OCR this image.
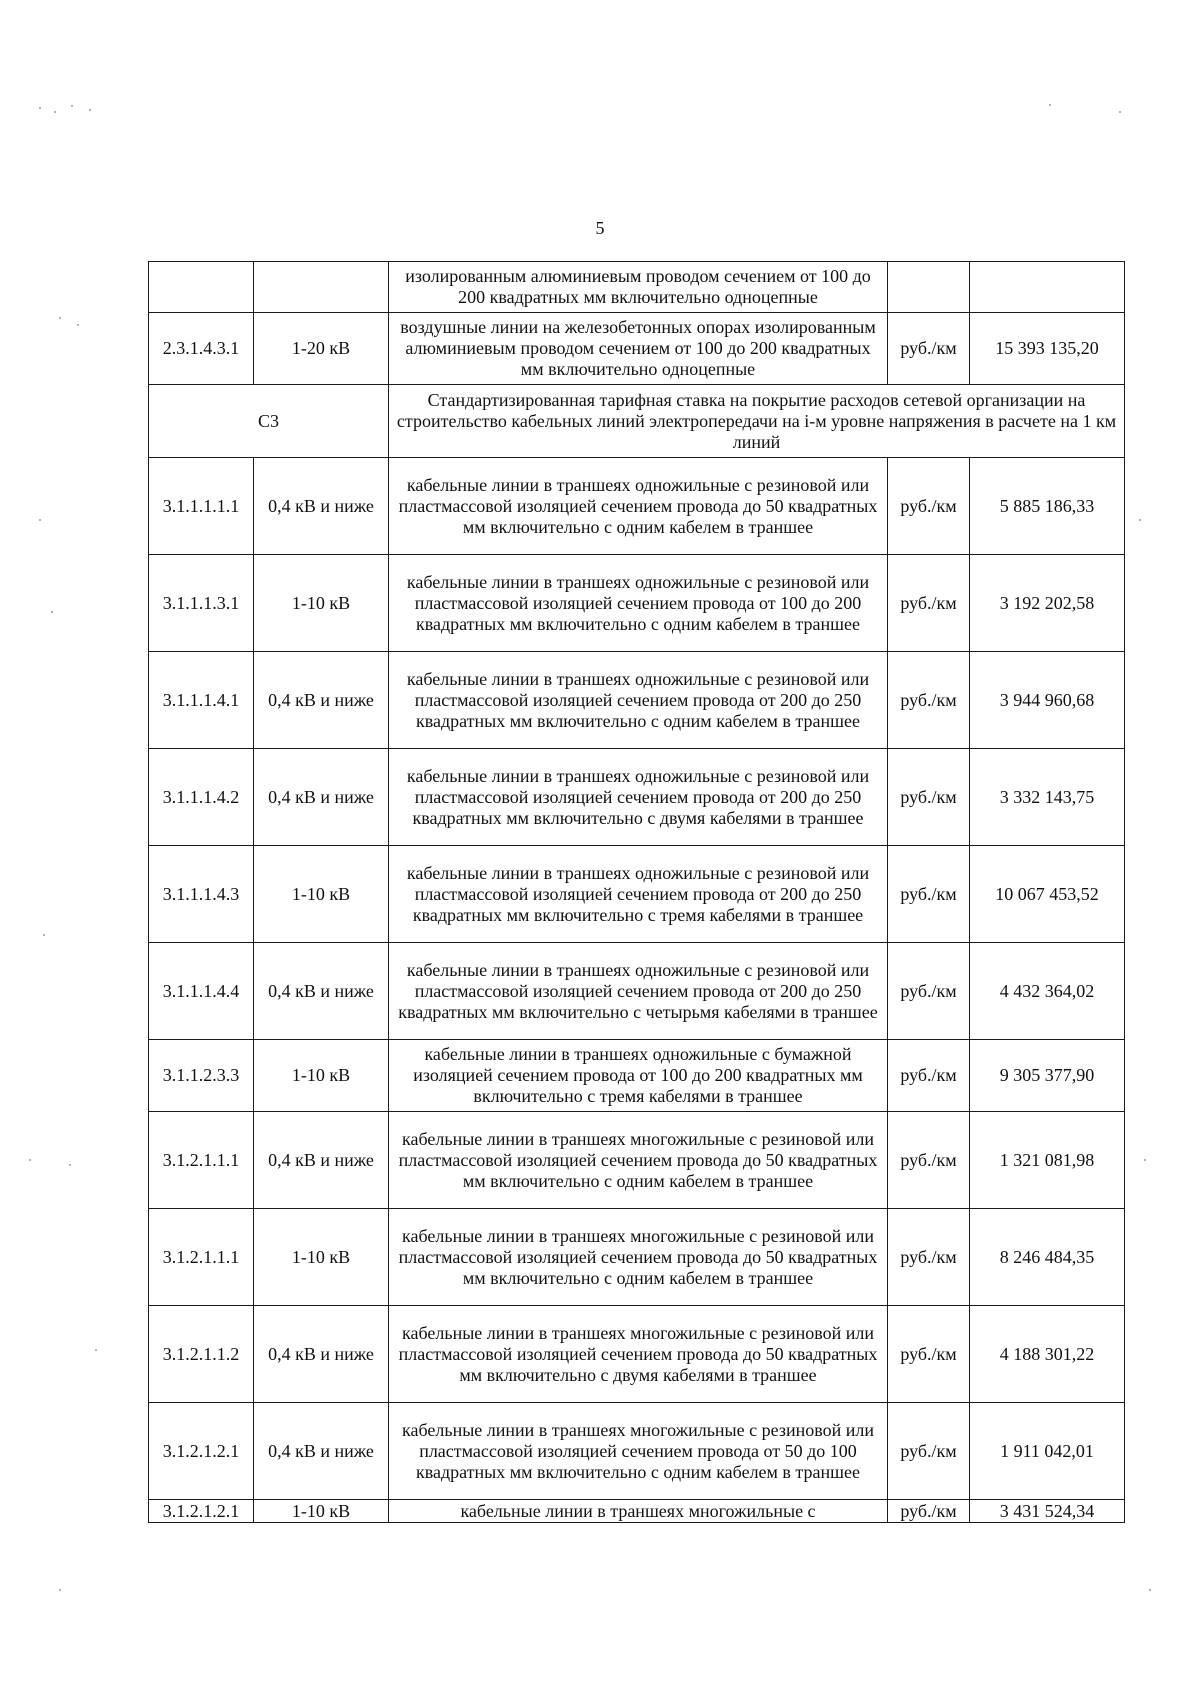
5
		изолированным алюминиевым проводом сечением от 100 до 200 квадратных мм включительно одноцепные		
2.3.1.4.3.1	1-20 кВ	воздушные линии на железобетонных опорах изолированным алюминиевым проводом сечением от 100 до 200 квадратных мм включительно одноцепные	руб./км	15 393 135,20
С3		Стандартизированная тарифная ставка на покрытие расходов сетевой организации на строительство кабельных линий электропередачи на i-м уровне напряжения в расчете на 1 км линий		
3.1.1.1.1.1	0,4 кВ и ниже	кабельные линии в траншеях одножильные с резиновой или пластмассовой изоляцией сечением провода до 50 квадратных мм включительно с одним кабелем в траншее	руб./км	5 885 186,33
3.1.1.1.3.1	1-10 кВ	кабельные линии в траншеях одножильные с резиновой или пластмассовой изоляцией сечением провода от 100 до 200 квадратных мм включительно с одним кабелем в траншее	руб./км	3 192 202,58
3.1.1.1.4.1	0,4 кВ и ниже	кабельные линии в траншеях одножильные с резиновой или пластмассовой изоляцией сечением провода от 200 до 250 квадратных мм включительно с одним кабелем в траншее	руб./км	3 944 960,68
3.1.1.1.4.2	0,4 кВ и ниже	кабельные линии в траншеях одножильные с резиновой или пластмассовой изоляцией сечением провода от 200 до 250 квадратных мм включительно с двумя кабелями в траншее	руб./км	3 332 143,75
3.1.1.1.4.3	1-10 кВ	кабельные линии в траншеях одножильные с резиновой или пластмассовой изоляцией сечением провода от 200 до 250 квадратных мм включительно с тремя кабелями в траншее	руб./км	10 067 453,52
3.1.1.1.4.4	0,4 кВ и ниже	кабельные линии в траншеях одножильные с резиновой или пластмассовой изоляцией сечением провода от 200 до 250 квадратных мм включительно с четырьмя кабелями в траншее	руб./км	4 432 364,02
3.1.1.2.3.3	1-10 кВ	кабельные линии в траншеях одножильные с бумажной изоляцией сечением провода от 100 до 200 квадратных мм включительно с тремя кабелями в траншее	руб./км	9 305 377,90
3.1.2.1.1.1	0,4 кВ и ниже	кабельные линии в траншеях многожильные с резиновой или пластмассовой изоляцией сечением провода до 50 квадратных мм включительно с одним кабелем в траншее	руб./км	1 321 081,98
3.1.2.1.1.1	1-10 кВ	кабельные линии в траншеях многожильные с резиновой или пластмассовой изоляцией сечением провода до 50 квадратных мм включительно с одним кабелем в траншее	руб./км	8 246 484,35
3.1.2.1.1.2	0,4 кВ и ниже	кабельные линии в траншеях многожильные с резиновой или пластмассовой изоляцией сечением провода до 50 квадратных мм включительно с двумя кабелями в траншее	руб./км	4 188 301,22
3.1.2.1.2.1	0,4 кВ и ниже	кабельные линии в траншеях многожильные с резиновой или пластмассовой изоляцией сечением провода от 50 до 100 квадратных мм включительно с одним кабелем в траншее	руб./км	1 911 042,01
3.1.2.1.2.1	1-10 кВ	кабельные линии в траншеях многожильные с	руб./км	3 431 524,34
